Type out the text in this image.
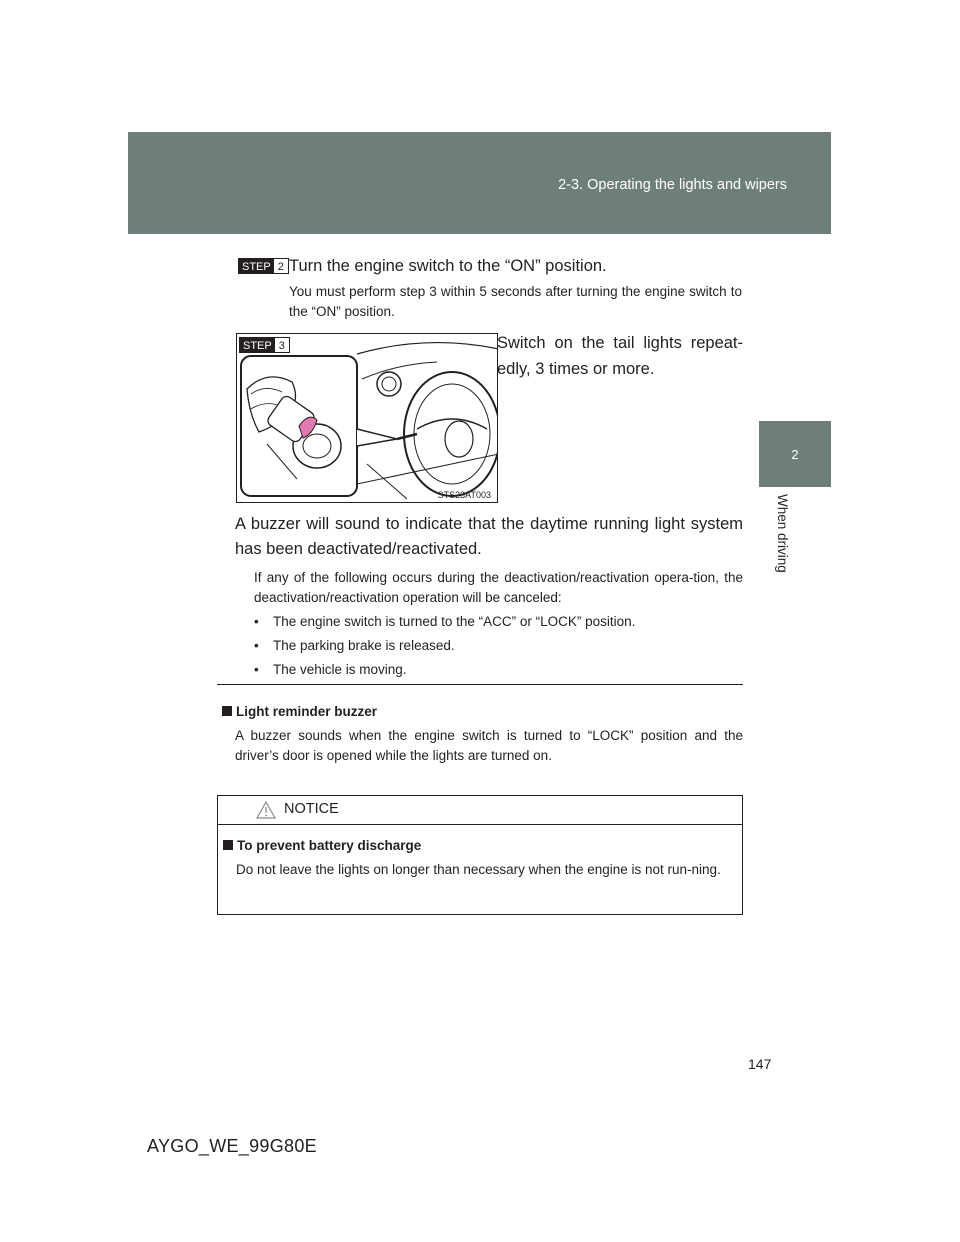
2-3. Operating the lights and wipers
2
When driving
STEP 2 Turn the engine switch to the “ON” position.

You must perform step 3 within 5 seconds after turning the engine switch to the “ON” position.

STEP 3
STS23AT003

Switch on the tail lights repeat-edly, 3 times or more.

A buzzer will sound to indicate that the daytime running light system has been deactivated/reactivated.

If any of the following occurs during the deactivation/reactivation opera-tion, the deactivation/reactivation operation will be canceled:

• The engine switch is turned to the “ACC” or “LOCK” position.
• The parking brake is released.
• The vehicle is moving.

Light reminder buzzer

A buzzer sounds when the engine switch is turned to “LOCK” position and the driver’s door is opened while the lights are turned on.

NOTICE

To prevent battery discharge

Do not leave the lights on longer than necessary when the engine is not run-ning.

147
AYGO_WE_99G80E
